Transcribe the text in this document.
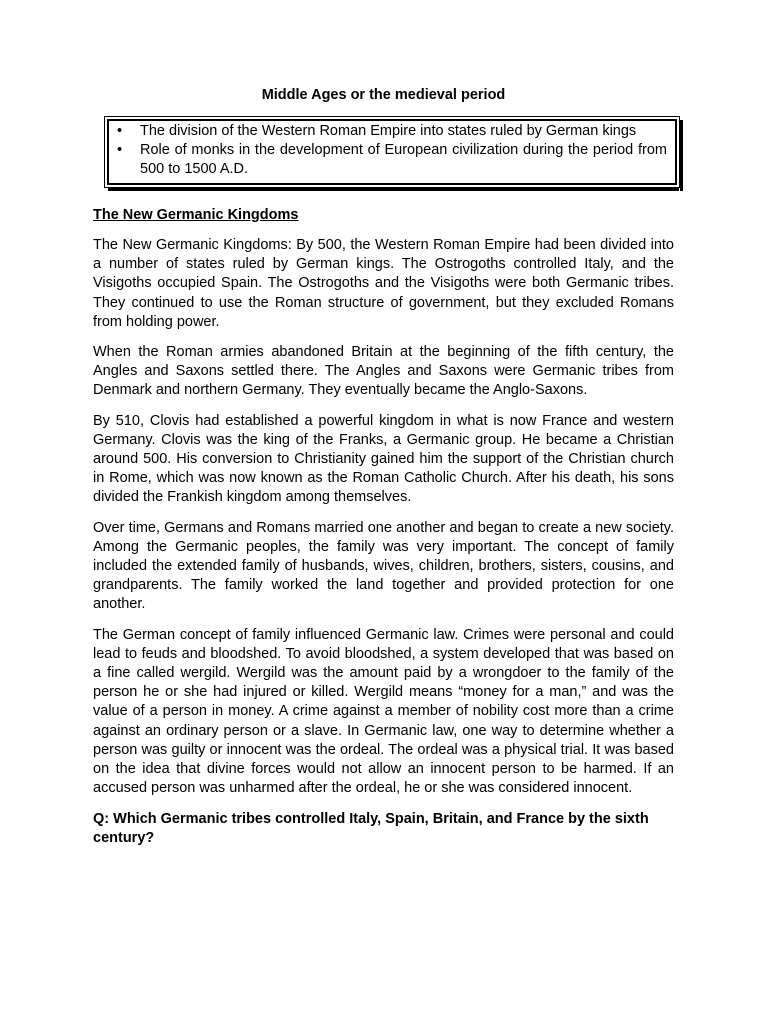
Middle Ages or the medieval period
• The division of the Western Roman Empire into states ruled by German kings
• Role of monks in the development of European civilization during the period from 500 to 1500 A.D.
The New Germanic Kingdoms

The New Germanic Kingdoms: By 500, the Western Roman Empire had been divided into a number of states ruled by German kings. The Ostrogoths controlled Italy, and the Visigoths occupied Spain. The Ostrogoths and the Visigoths were both Germanic tribes. They continued to use the Roman structure of government, but they excluded Romans from holding power.

When the Roman armies abandoned Britain at the beginning of the fifth century, the Angles and Saxons settled there. The Angles and Saxons were Germanic tribes from Denmark and northern Germany. They eventually became the Anglo-Saxons.

By 510, Clovis had established a powerful kingdom in what is now France and western Germany. Clovis was the king of the Franks, a Germanic group. He became a Christian around 500. His conversion to Christianity gained him the support of the Christian church in Rome, which was now known as the Roman Catholic Church. After his death, his sons divided the Frankish kingdom among themselves.

Over time, Germans and Romans married one another and began to create a new society. Among the Germanic peoples, the family was very important. The concept of family included the extended family of husbands, wives, children, brothers, sisters, cousins, and grandparents. The family worked the land together and provided protection for one another.

The German concept of family influenced Germanic law. Crimes were personal and could lead to feuds and bloodshed. To avoid bloodshed, a system developed that was based on a fine called wergild. Wergild was the amount paid by a wrongdoer to the family of the person he or she had injured or killed. Wergild means “money for a man,” and was the value of a person in money. A crime against a member of nobility cost more than a crime against an ordinary person or a slave. In Germanic law, one way to determine whether a person was guilty or innocent was the ordeal. The ordeal was a physical trial. It was based on the idea that divine forces would not allow an innocent person to be harmed. If an accused person was unharmed after the ordeal, he or she was considered innocent.

Q: Which Germanic tribes controlled Italy, Spain, Britain, and France by the sixth century?
